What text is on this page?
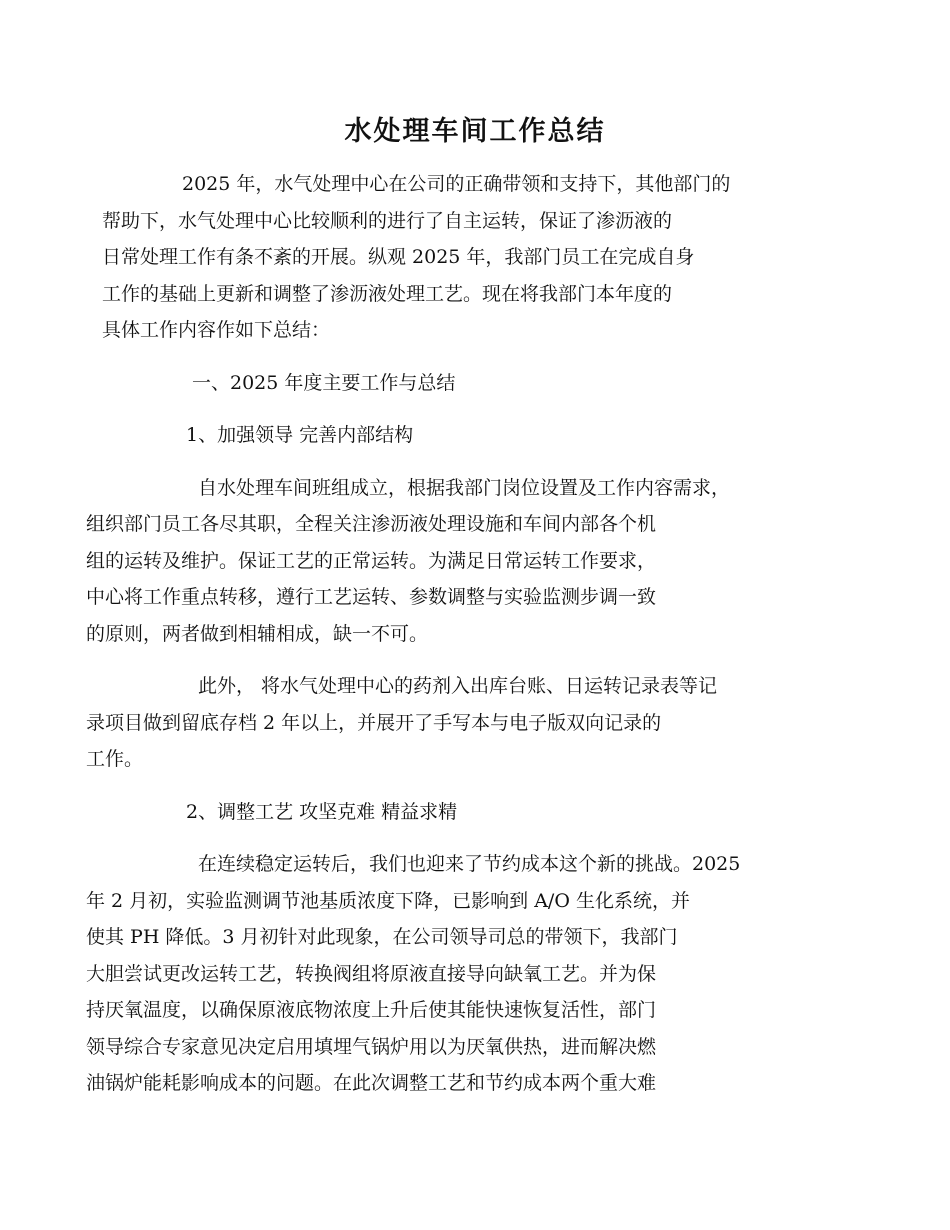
水处理车间工作总结

2025 年，水气处理中心在公司的正确带领和支持下，其他部门的
帮助下，水气处理中心比较顺利的进行了自主运转，保证了渗沥液的
日常处理工作有条不紊的开展。纵观 2025 年，我部门员工在完成自身
工作的基础上更新和调整了渗沥液处理工艺。现在将我部门本年度的
具体工作内容作如下总结：

一、2025 年度主要工作与总结

1、加强领导 完善内部结构

自水处理车间班组成立，根据我部门岗位设置及工作内容需求，
组织部门员工各尽其职，全程关注渗沥液处理设施和车间内部各个机
组的运转及维护。保证工艺的正常运转。为满足日常运转工作要求，
中心将工作重点转移，遵行工艺运转、参数调整与实验监测步调一致
的原则，两者做到相辅相成，缺一不可。

此外， 将水气处理中心的药剂入出库台账、日运转记录表等记
录项目做到留底存档 2 年以上，并展开了手写本与电子版双向记录的
工作。

2、调整工艺 攻坚克难 精益求精

在连续稳定运转后，我们也迎来了节约成本这个新的挑战。2025
年 2 月初，实验监测调节池基质浓度下降，已影响到 A/O 生化系统，并
使其 PH 降低。3 月初针对此现象，在公司领导司总的带领下，我部门
大胆尝试更改运转工艺，转换阀组将原液直接导向缺氧工艺。并为保
持厌氧温度，以确保原液底物浓度上升后使其能快速恢复活性，部门
领导综合专家意见决定启用填埋气锅炉用以为厌氧供热，进而解决燃
油锅炉能耗影响成本的问题。在此次调整工艺和节约成本两个重大难
